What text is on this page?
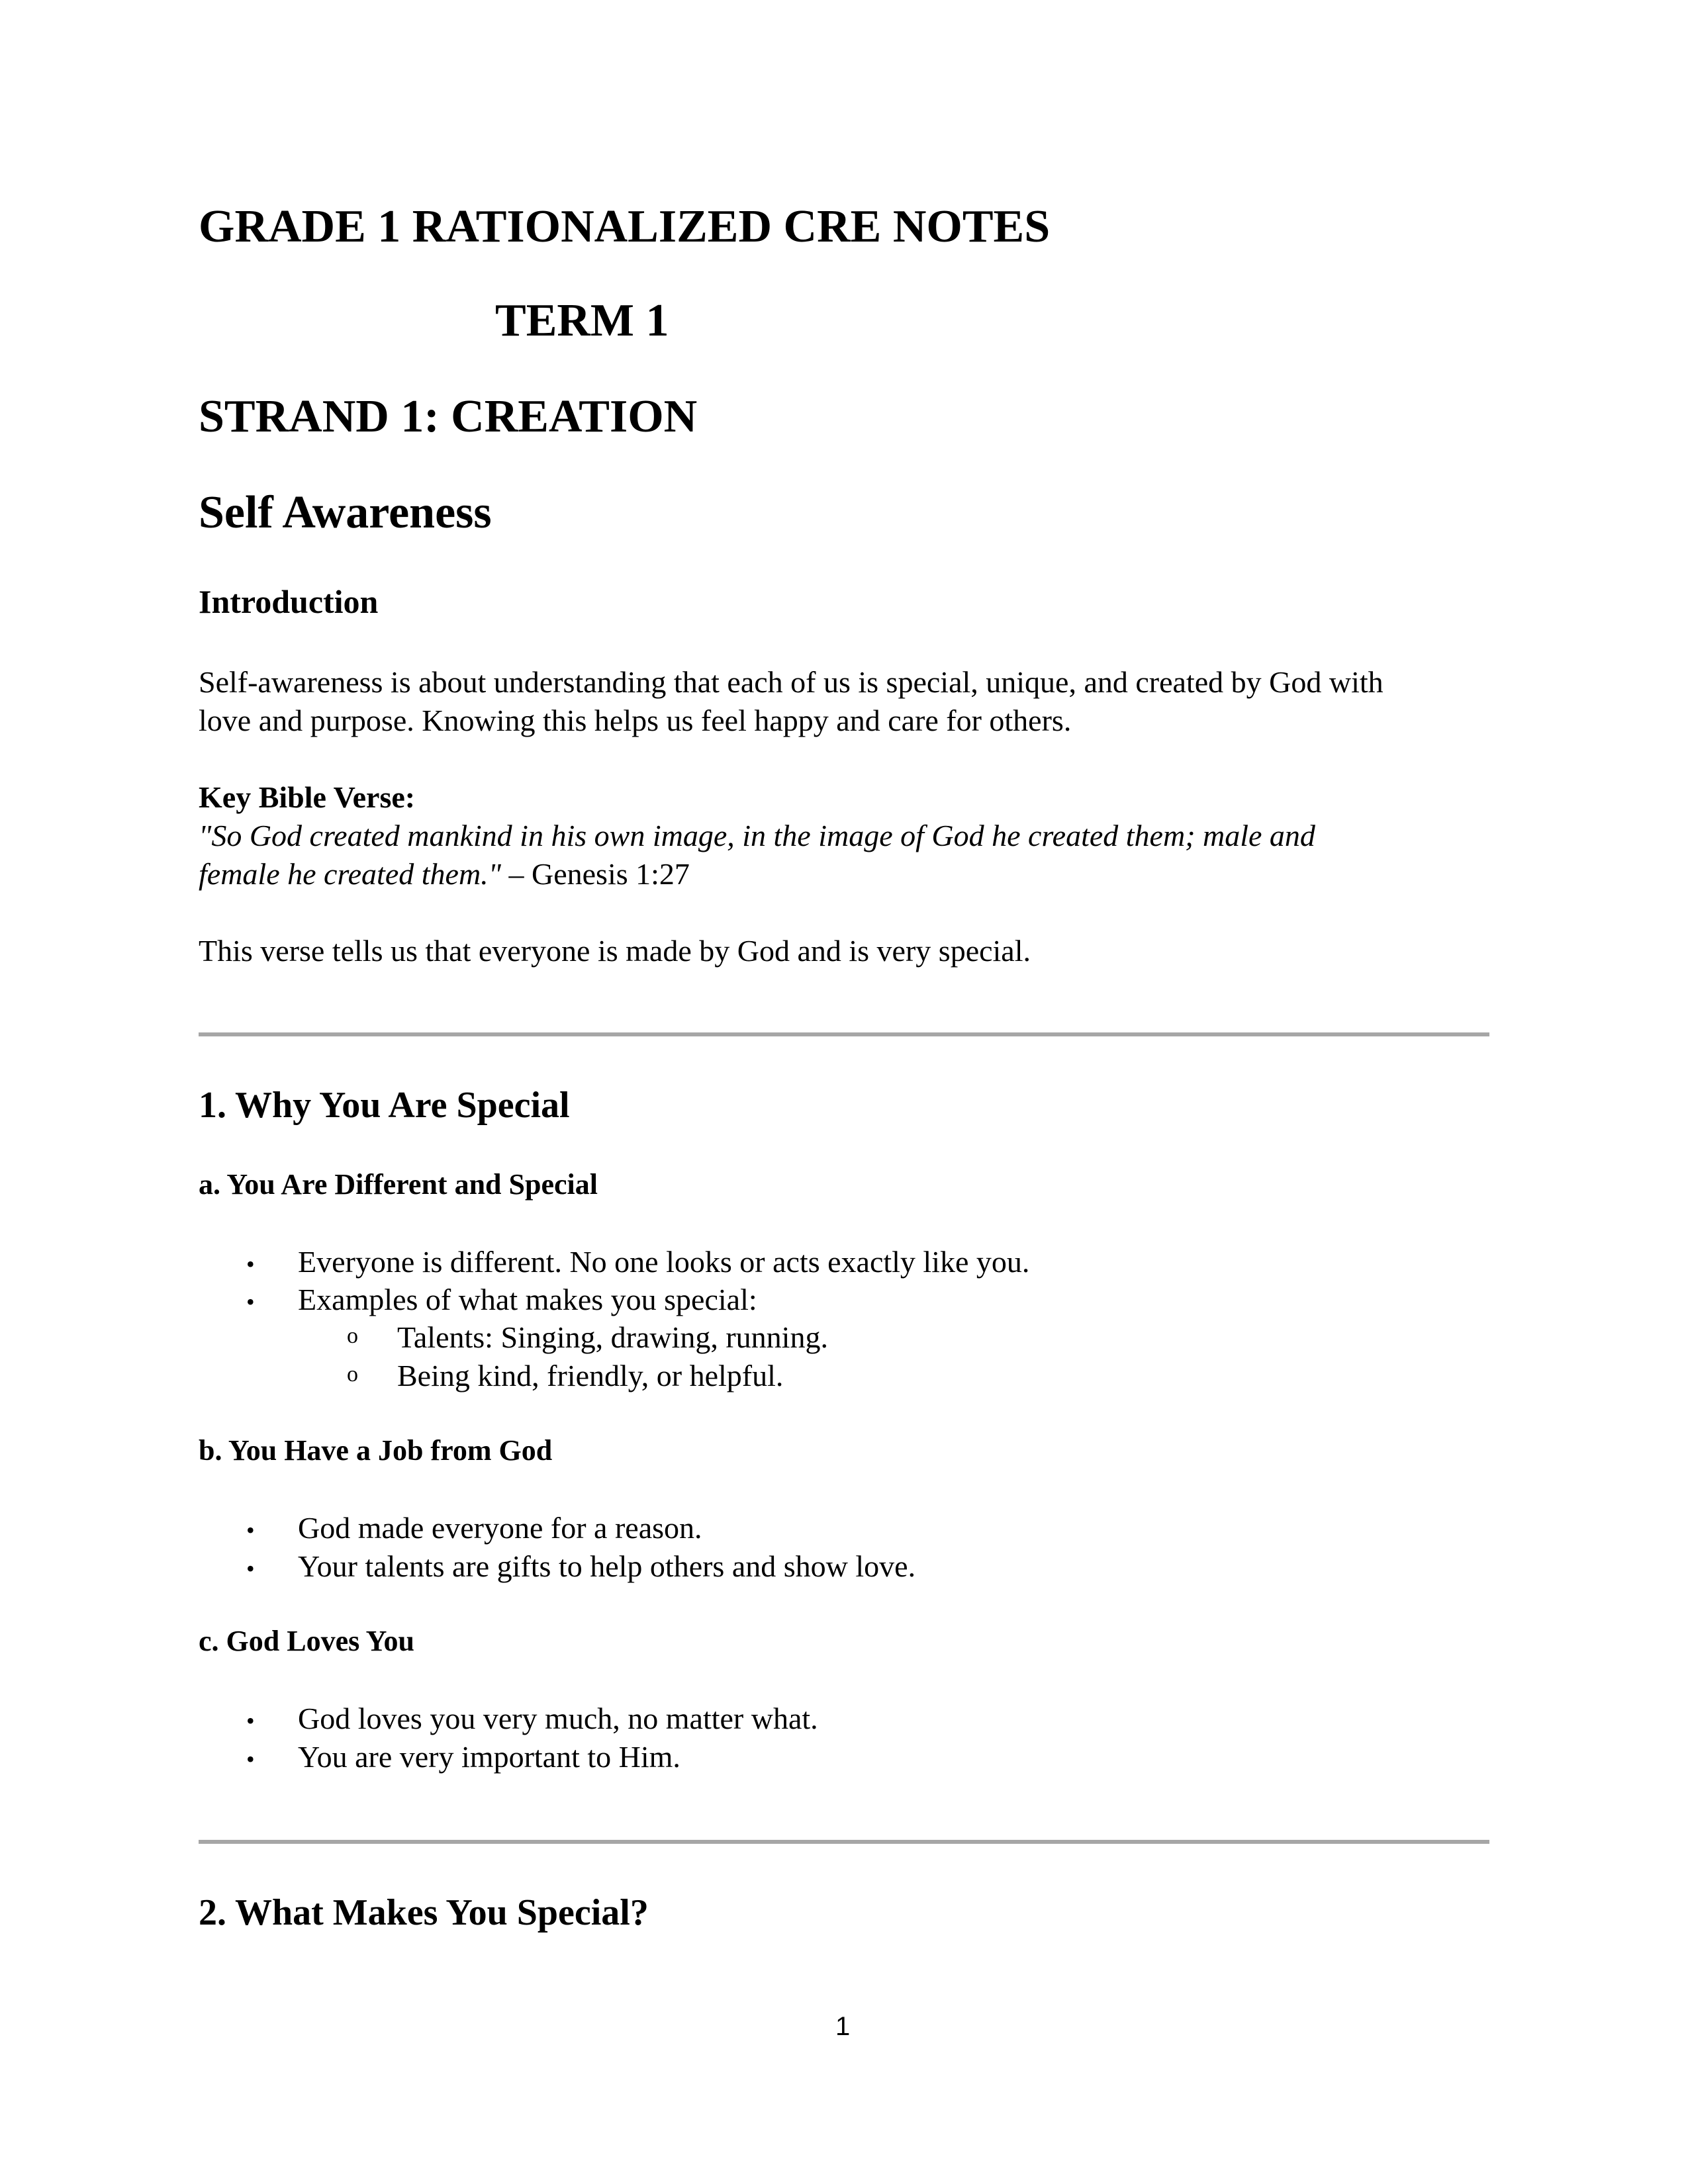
GRADE 1 RATIONALIZED CRE NOTES
TERM 1
STRAND 1: CREATION
Self Awareness
Introduction
Self-awareness is about understanding that each of us is special, unique, and created by God with
love and purpose. Knowing this helps us feel happy and care for others.
Key Bible Verse:
"So God created mankind in his own image, in the image of God he created them; male and
female he created them." – Genesis 1:27
This verse tells us that everyone is made by God and is very special.
1. Why You Are Special
a. You Are Different and Special
• Everyone is different. No one looks or acts exactly like you.
• Examples of what makes you special:
o Talents: Singing, drawing, running.
o Being kind, friendly, or helpful.
b. You Have a Job from God
• God made everyone for a reason.
• Your talents are gifts to help others and show love.
c. God Loves You
• God loves you very much, no matter what.
• You are very important to Him.
2. What Makes You Special?
1
